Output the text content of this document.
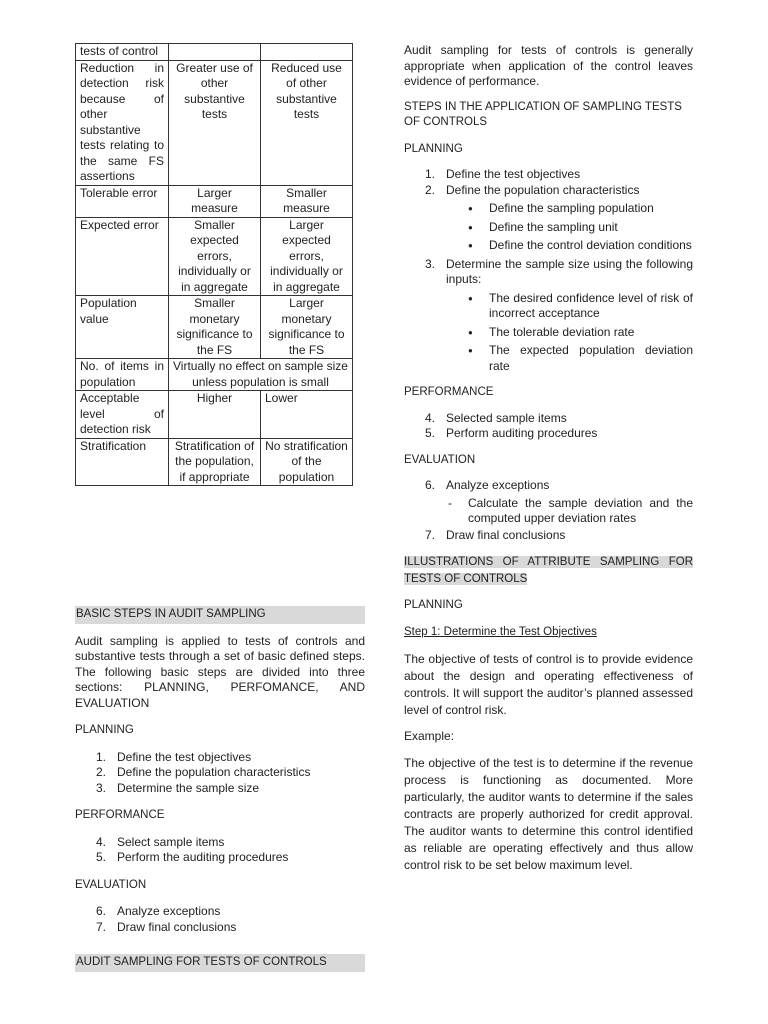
tests of control		
Reduction in detection risk because of other substantive tests relating to the same FS assertions	Greater use of other substantive tests	Reduced use of other substantive tests
Tolerable error	Larger measure	Smaller measure
Expected error	Smaller expected errors, individually or in aggregate	Larger expected errors, individually or in aggregate
Population value	Smaller monetary significance to the FS	Larger monetary significance to the FS
No. of items in population	Virtually no effect on sample size unless population is small	
Acceptable level of detection risk	Higher	Lower
Stratification	Stratification of the population, if appropriate	No stratification of the population

BASIC STEPS IN AUDIT SAMPLING

Audit sampling is applied to tests of controls and substantive tests through a set of basic defined steps. The following basic steps are divided into three sections: PLANNING, PERFOMANCE, AND EVALUATION

PLANNING

1. Define the test objectives
2. Define the population characteristics
3. Determine the sample size

PERFORMANCE

4. Select sample items
5. Perform the auditing procedures

EVALUATION

6. Analyze exceptions
7. Draw final conclusions

AUDIT SAMPLING FOR TESTS OF CONTROLS

Audit sampling for tests of controls is generally appropriate when application of the control leaves evidence of performance.

STEPS IN THE APPLICATION OF SAMPLING TESTS OF CONTROLS

PLANNING

1. Define the test objectives
2. Define the population characteristics
● Define the sampling population
● Define the sampling unit
● Define the control deviation conditions
3. Determine the sample size using the following inputs:
● The desired confidence level of risk of incorrect acceptance
● The tolerable deviation rate
● The expected population deviation rate

PERFORMANCE

4. Selected sample items
5. Perform auditing procedures

EVALUATION

6. Analyze exceptions
- Calculate the sample deviation and the computed upper deviation rates
7. Draw final conclusions

ILLUSTRATIONS OF ATTRIBUTE SAMPLING FOR TESTS OF CONTROLS

PLANNING

Step 1: Determine the Test Objectives

The objective of tests of control is to provide evidence about the design and operating effectiveness of controls. It will support the auditor’s planned assessed level of control risk.

Example:

The objective of the test is to determine if the revenue process is functioning as documented. More particularly, the auditor wants to determine if the sales contracts are properly authorized for credit approval. The auditor wants to determine this control identified as reliable are operating effectively and thus allow control risk to be set below maximum level.
